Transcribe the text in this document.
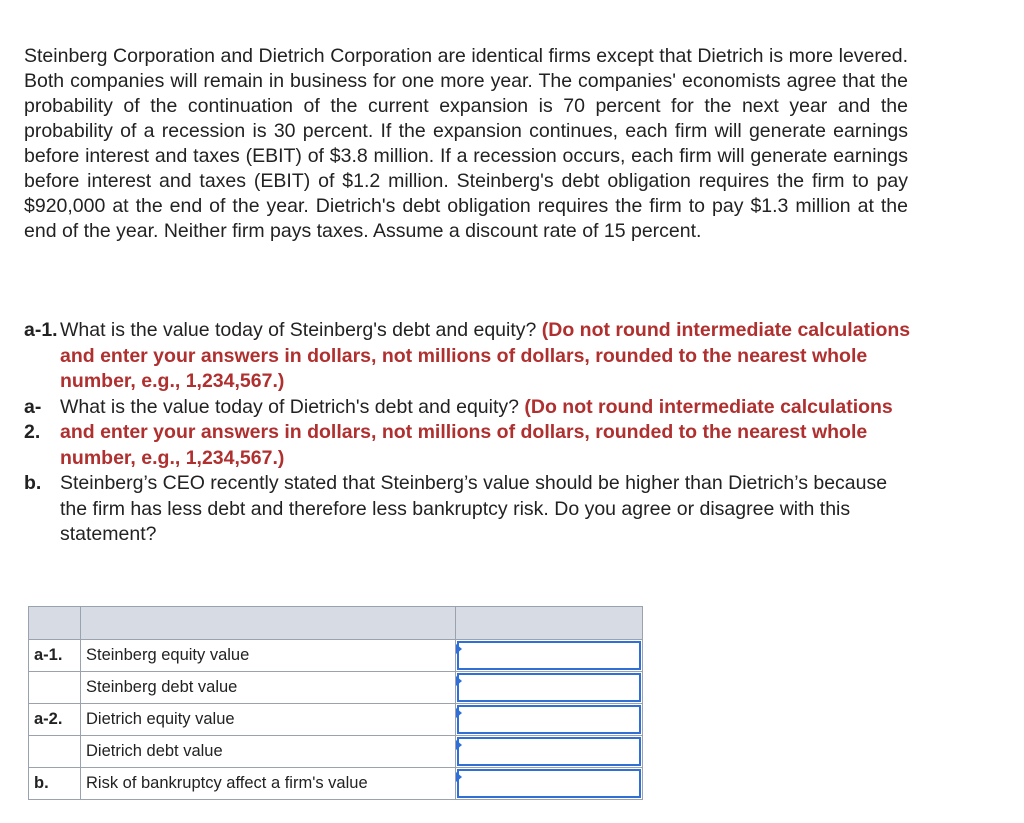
Steinberg Corporation and Dietrich Corporation are identical firms except that Dietrich is more levered. Both companies will remain in business for one more year. The companies' economists agree that the probability of the continuation of the current expansion is 70 percent for the next year and the probability of a recession is 30 percent. If the expansion continues, each firm will generate earnings before interest and taxes (EBIT) of $3.8 million. If a recession occurs, each firm will generate earnings before interest and taxes (EBIT) of $1.2 million. Steinberg's debt obligation requires the firm to pay $920,000 at the end of the year. Dietrich's debt obligation requires the firm to pay $1.3 million at the end of the year. Neither firm pays taxes. Assume a discount rate of 15 percent.

a-1. What is the value today of Steinberg's debt and equity? (Do not round intermediate calculations and enter your answers in dollars, not millions of dollars, rounded to the nearest whole number, e.g., 1,234,567.)
a-
2.
What is the value today of Dietrich's debt and equity? (Do not round intermediate calculations and enter your answers in dollars, not millions of dollars, rounded to the nearest whole number, e.g., 1,234,567.)
b. Steinberg’s CEO recently stated that Steinberg’s value should be higher than Dietrich’s because the firm has less debt and therefore less bankruptcy risk. Do you agree or disagree with this statement?

a-1.	Steinberg equity value	

	Steinberg debt value	

a-2.	Dietrich equity value	

	Dietrich debt value	

b.	Risk of bankruptcy affect a firm's value	
